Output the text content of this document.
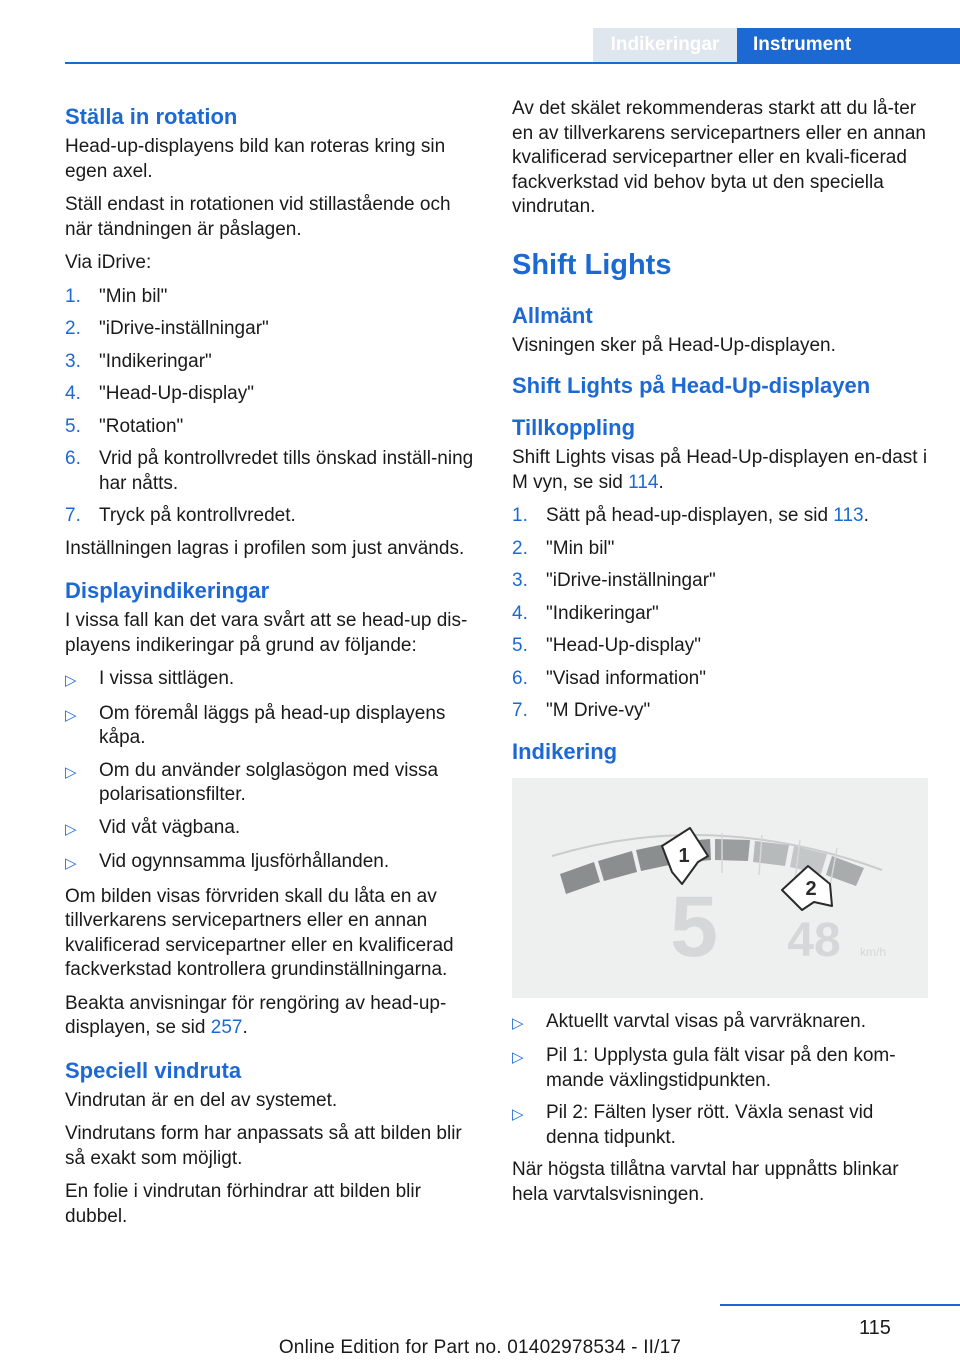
Indikeringar	Instrument
Ställa in rotation

Head-up-displayens bild kan roteras kring sin egen axel.

Ställ endast in rotationen vid stillastående och när tändningen är påslagen.

Via iDrive:

1. "Min bil"
2. "iDrive-inställningar"
3. "Indikeringar"
4. "Head-Up-display"
5. "Rotation"
6. Vrid på kontrollvredet tills önskad inställ-ning har nåtts.
7. Tryck på kontrollvredet.

Inställningen lagras i profilen som just används.

Displayindikeringar

I vissa fall kan det vara svårt att se head-up dis-playens indikeringar på grund av följande:

▷	I vissa sittlägen.
▷	Om föremål läggs på head-up displayens kåpa.
▷	Om du använder solglasögon med vissa polarisationsfilter.
▷	Vid våt vägbana.
▷	Vid ogynnsamma ljusförhållanden.

Om bilden visas förvriden skall du låta en av tillverkarens servicepartners eller en annan kvalificerad servicepartner eller en kvalificerad fackverkstad kontrollera grundinställningarna.

Beakta anvisningar för rengöring av head-up-displayen, se sid 257.

Speciell vindruta

Vindrutan är en del av systemet.

Vindrutans form har anpassats så att bilden blir så exakt som möjligt.

En folie i vindrutan förhindrar att bilden blir dubbel.

Av det skälet rekommenderas starkt att du lå-ter en av tillverkarens servicepartners eller en annan kvalificerad servicepartner eller en kvali-ficerad fackverkstad vid behov byta ut den speciella vindrutan.

Shift Lights
Allmänt

Visningen sker på Head-Up-displayen.

Shift Lights på Head-Up-displayen
Tillkoppling

Shift Lights visas på Head-Up-displayen en-dast i M vyn, se sid 114.

1. Sätt på head-up-displayen, se sid 113.
2. "Min bil"
3. "iDrive-inställningar"
4. "Indikeringar"
5. "Head-Up-display"
6. "Visad information"
7. "M Drive-vy"
Indikering
5 48 km/h
1
2
▷	Aktuellt varvtal visas på varvräknaren.
▷	Pil 1: Upplysta gula fält visar på den kom-mande växlingstidpunkten.
▷	Pil 2: Fälten lyser rött. Växla senast vid denna tidpunkt.

När högsta tillåtna varvtal har uppnåtts blinkar hela varvtalsvisningen.

115
Online Edition for Part no. 01402978534 - II/17
